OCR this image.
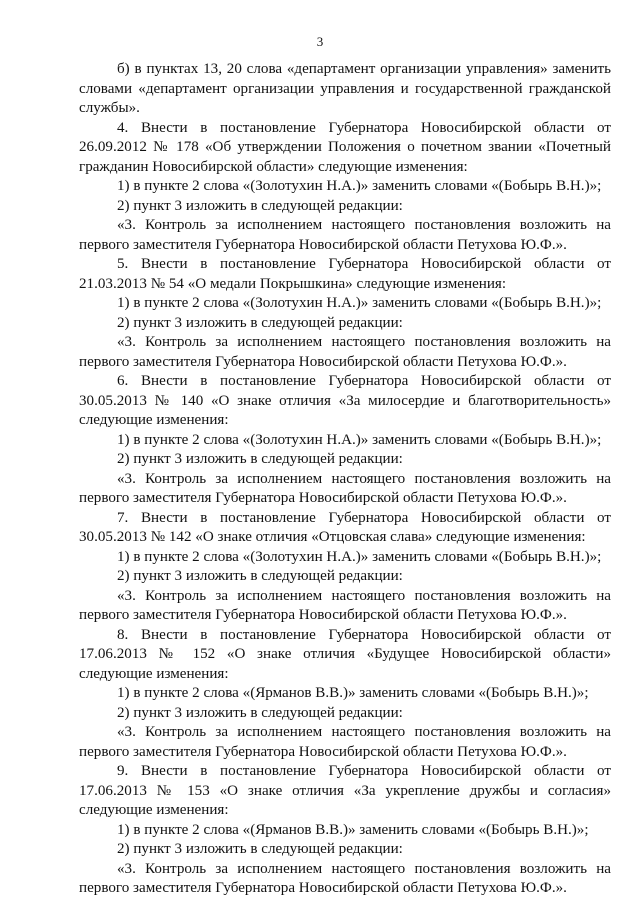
3

б) в пунктах 13, 20 слова «департамент организации управления» заменить словами «департамент организации управления и государственной гражданской службы».

4. Внести в постановление Губернатора Новосибирской области от 26.09.2012 № 178 «Об утверждении Положения о почетном звании «Почетный гражданин Новосибирской области» следующие изменения:

1) в пункте 2 слова «(Золотухин Н.А.)» заменить словами «(Бобырь В.Н.)»;

2) пункт 3 изложить в следующей редакции:

«3. Контроль за исполнением настоящего постановления возложить на первого заместителя Губернатора Новосибирской области Петухова Ю.Ф.».

5. Внести в постановление Губернатора Новосибирской области от 21.03.2013 № 54 «О медали Покрышкина» следующие изменения:

1) в пункте 2 слова «(Золотухин Н.А.)» заменить словами «(Бобырь В.Н.)»;

2) пункт 3 изложить в следующей редакции:

«3. Контроль за исполнением настоящего постановления возложить на первого заместителя Губернатора Новосибирской области Петухова Ю.Ф.».

6. Внести в постановление Губернатора Новосибирской области от 30.05.2013 № 140 «О знаке отличия «За милосердие и благотворительность» следующие изменения:

1) в пункте 2 слова «(Золотухин Н.А.)» заменить словами «(Бобырь В.Н.)»;

2) пункт 3 изложить в следующей редакции:

«3. Контроль за исполнением настоящего постановления возложить на первого заместителя Губернатора Новосибирской области Петухова Ю.Ф.».

7. Внести в постановление Губернатора Новосибирской области от 30.05.2013 № 142 «О знаке отличия «Отцовская слава» следующие изменения:

1) в пункте 2 слова «(Золотухин Н.А.)» заменить словами «(Бобырь В.Н.)»;

2) пункт 3 изложить в следующей редакции:

«3. Контроль за исполнением настоящего постановления возложить на первого заместителя Губернатора Новосибирской области Петухова Ю.Ф.».

8. Внести в постановление Губернатора Новосибирской области от 17.06.2013 № 152 «О знаке отличия «Будущее Новосибирской области» следующие изменения:

1) в пункте 2 слова «(Ярманов В.В.)» заменить словами «(Бобырь В.Н.)»;

2) пункт 3 изложить в следующей редакции:

«3. Контроль за исполнением настоящего постановления возложить на первого заместителя Губернатора Новосибирской области Петухова Ю.Ф.».

9. Внести в постановление Губернатора Новосибирской области от 17.06.2013 № 153 «О знаке отличия «За укрепление дружбы и согласия» следующие изменения:

1) в пункте 2 слова «(Ярманов В.В.)» заменить словами «(Бобырь В.Н.)»;

2) пункт 3 изложить в следующей редакции:

«3. Контроль за исполнением настоящего постановления возложить на первого заместителя Губернатора Новосибирской области Петухова Ю.Ф.».
